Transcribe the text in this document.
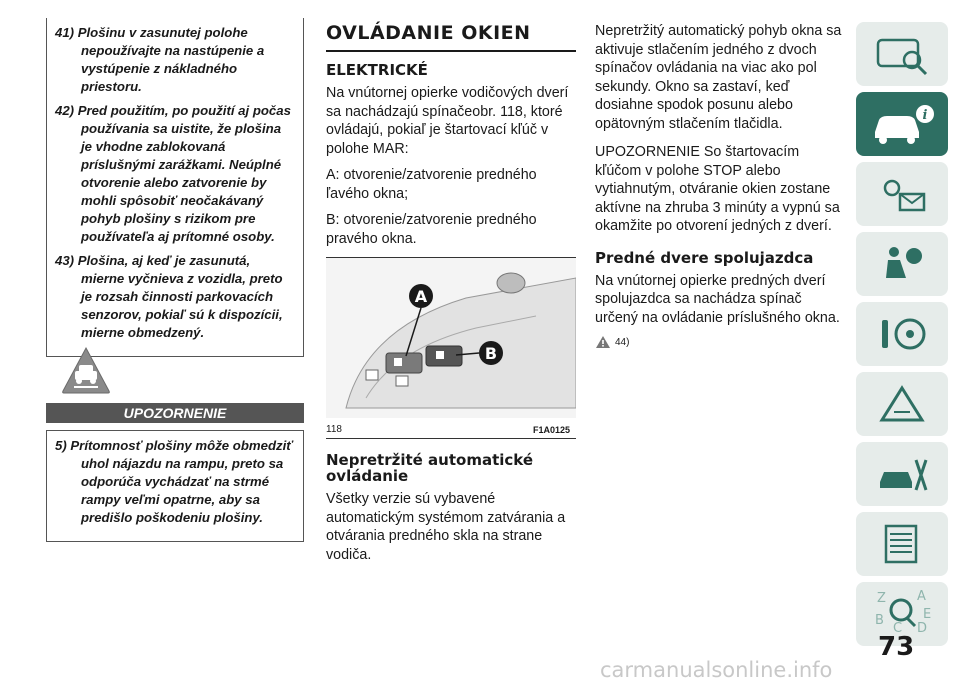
41) Plošinu v zasunutej polohe nepoužívajte na nastúpenie a vystúpenie z nákladného priestoru.

42) Pred použitím, po použití aj počas používania sa uistite, že plošina je vhodne zablokovaná príslušnými zarážkami. Neúplné otvorenie alebo zatvorenie by mohli spôsobiť neočakávaný pohyb plošiny s rizikom pre používateľa aj prítomné osoby.

43) Plošina, aj keď je zasunutá, mierne vyčnieva z vozidla, preto je rozsah činnosti parkovacích senzorov, pokiaľ sú k dispozícii, mierne obmedzený.

UPOZORNENIE

5) Prítomnosť plošiny môže obmedziť uhol nájazdu na rampu, preto sa odporúča vychádzať na strmé rampy veľmi opatrne, aby sa predišlo poškodeniu plošiny.

OVLÁDANIE OKIEN
ELEKTRICKÉ

Na vnútornej opierke vodičových dverí sa nachádzajú spínačeobr. 118, ktoré ovládajú, pokiaľ je štartovací kľúč v polohe MAR:

A: otvorenie/zatvorenie predného ľavého okna;

B: otvorenie/zatvorenie predného pravého okna.

A
B
118	F1A0125
Nepretržité automatické ovládanie

Všetky verzie sú vybavené automatickým systémom zatvárania a otvárania predného skla na strane vodiča.

Nepretržitý automatický pohyb okna sa aktivuje stlačením jedného z dvoch spínačov ovládania na viac ako pol sekundy. Okno sa zastaví, keď dosiahne spodok posunu alebo opätovným stlačením tlačidla.

UPOZORNENIE So štartovacím kľúčom v polohe STOP alebo vytiahnutým, otváranie okien zostane aktívne na zhruba 3 minúty a vypnú sa okamžite po otvorení jedných z dverí.

Predné dvere spolujazdca

Na vnútornej opierke predných dverí spolujazdca sa nachádza spínač určený na ovládanie príslušného okna.

44)
i
Z A
B	E
C D
73
carmanualsonline.info
